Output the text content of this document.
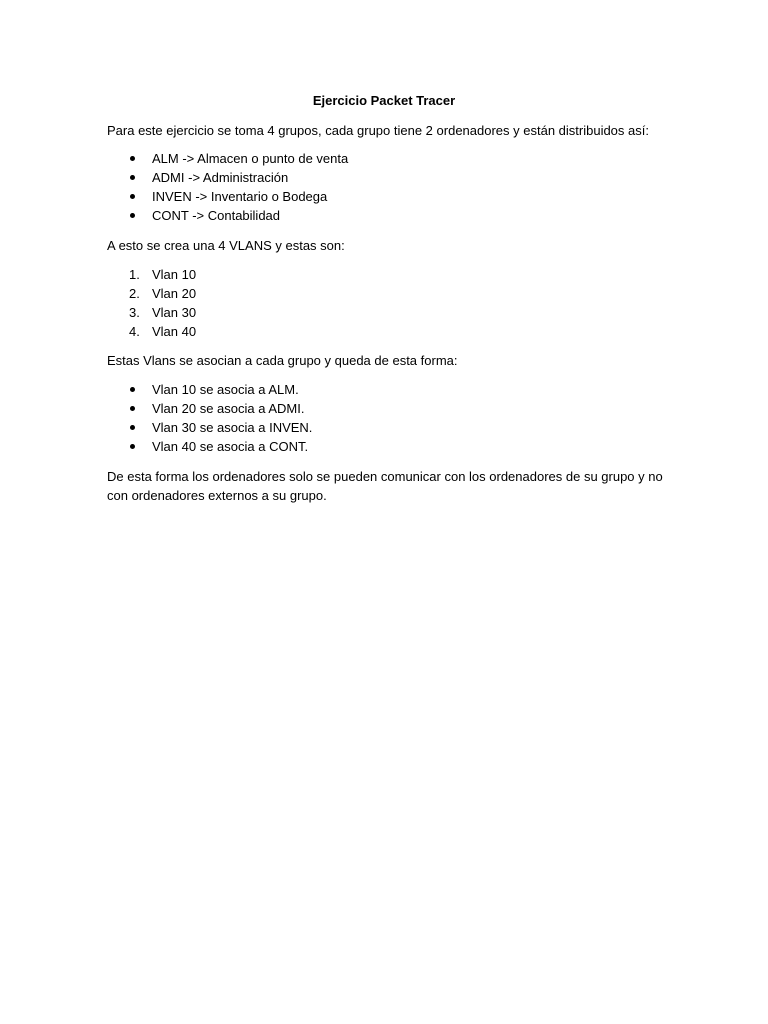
Ejercicio Packet Tracer
Para este ejercicio se toma 4 grupos, cada grupo tiene 2 ordenadores y están distribuidos así:
ALM -> Almacen o punto de venta
ADMI -> Administración
INVEN -> Inventario o Bodega
CONT -> Contabilidad
A esto se crea una 4 VLANS y estas son:
1. Vlan 10
2. Vlan 20
3. Vlan 30
4. Vlan 40
Estas Vlans se asocian a cada grupo y queda de esta forma:
Vlan 10 se asocia a ALM.
Vlan 20 se asocia a ADMI.
Vlan 30 se asocia a INVEN.
Vlan 40 se asocia a CONT.
De esta forma los ordenadores solo se pueden comunicar con los ordenadores de su grupo y no con ordenadores externos a su grupo.
